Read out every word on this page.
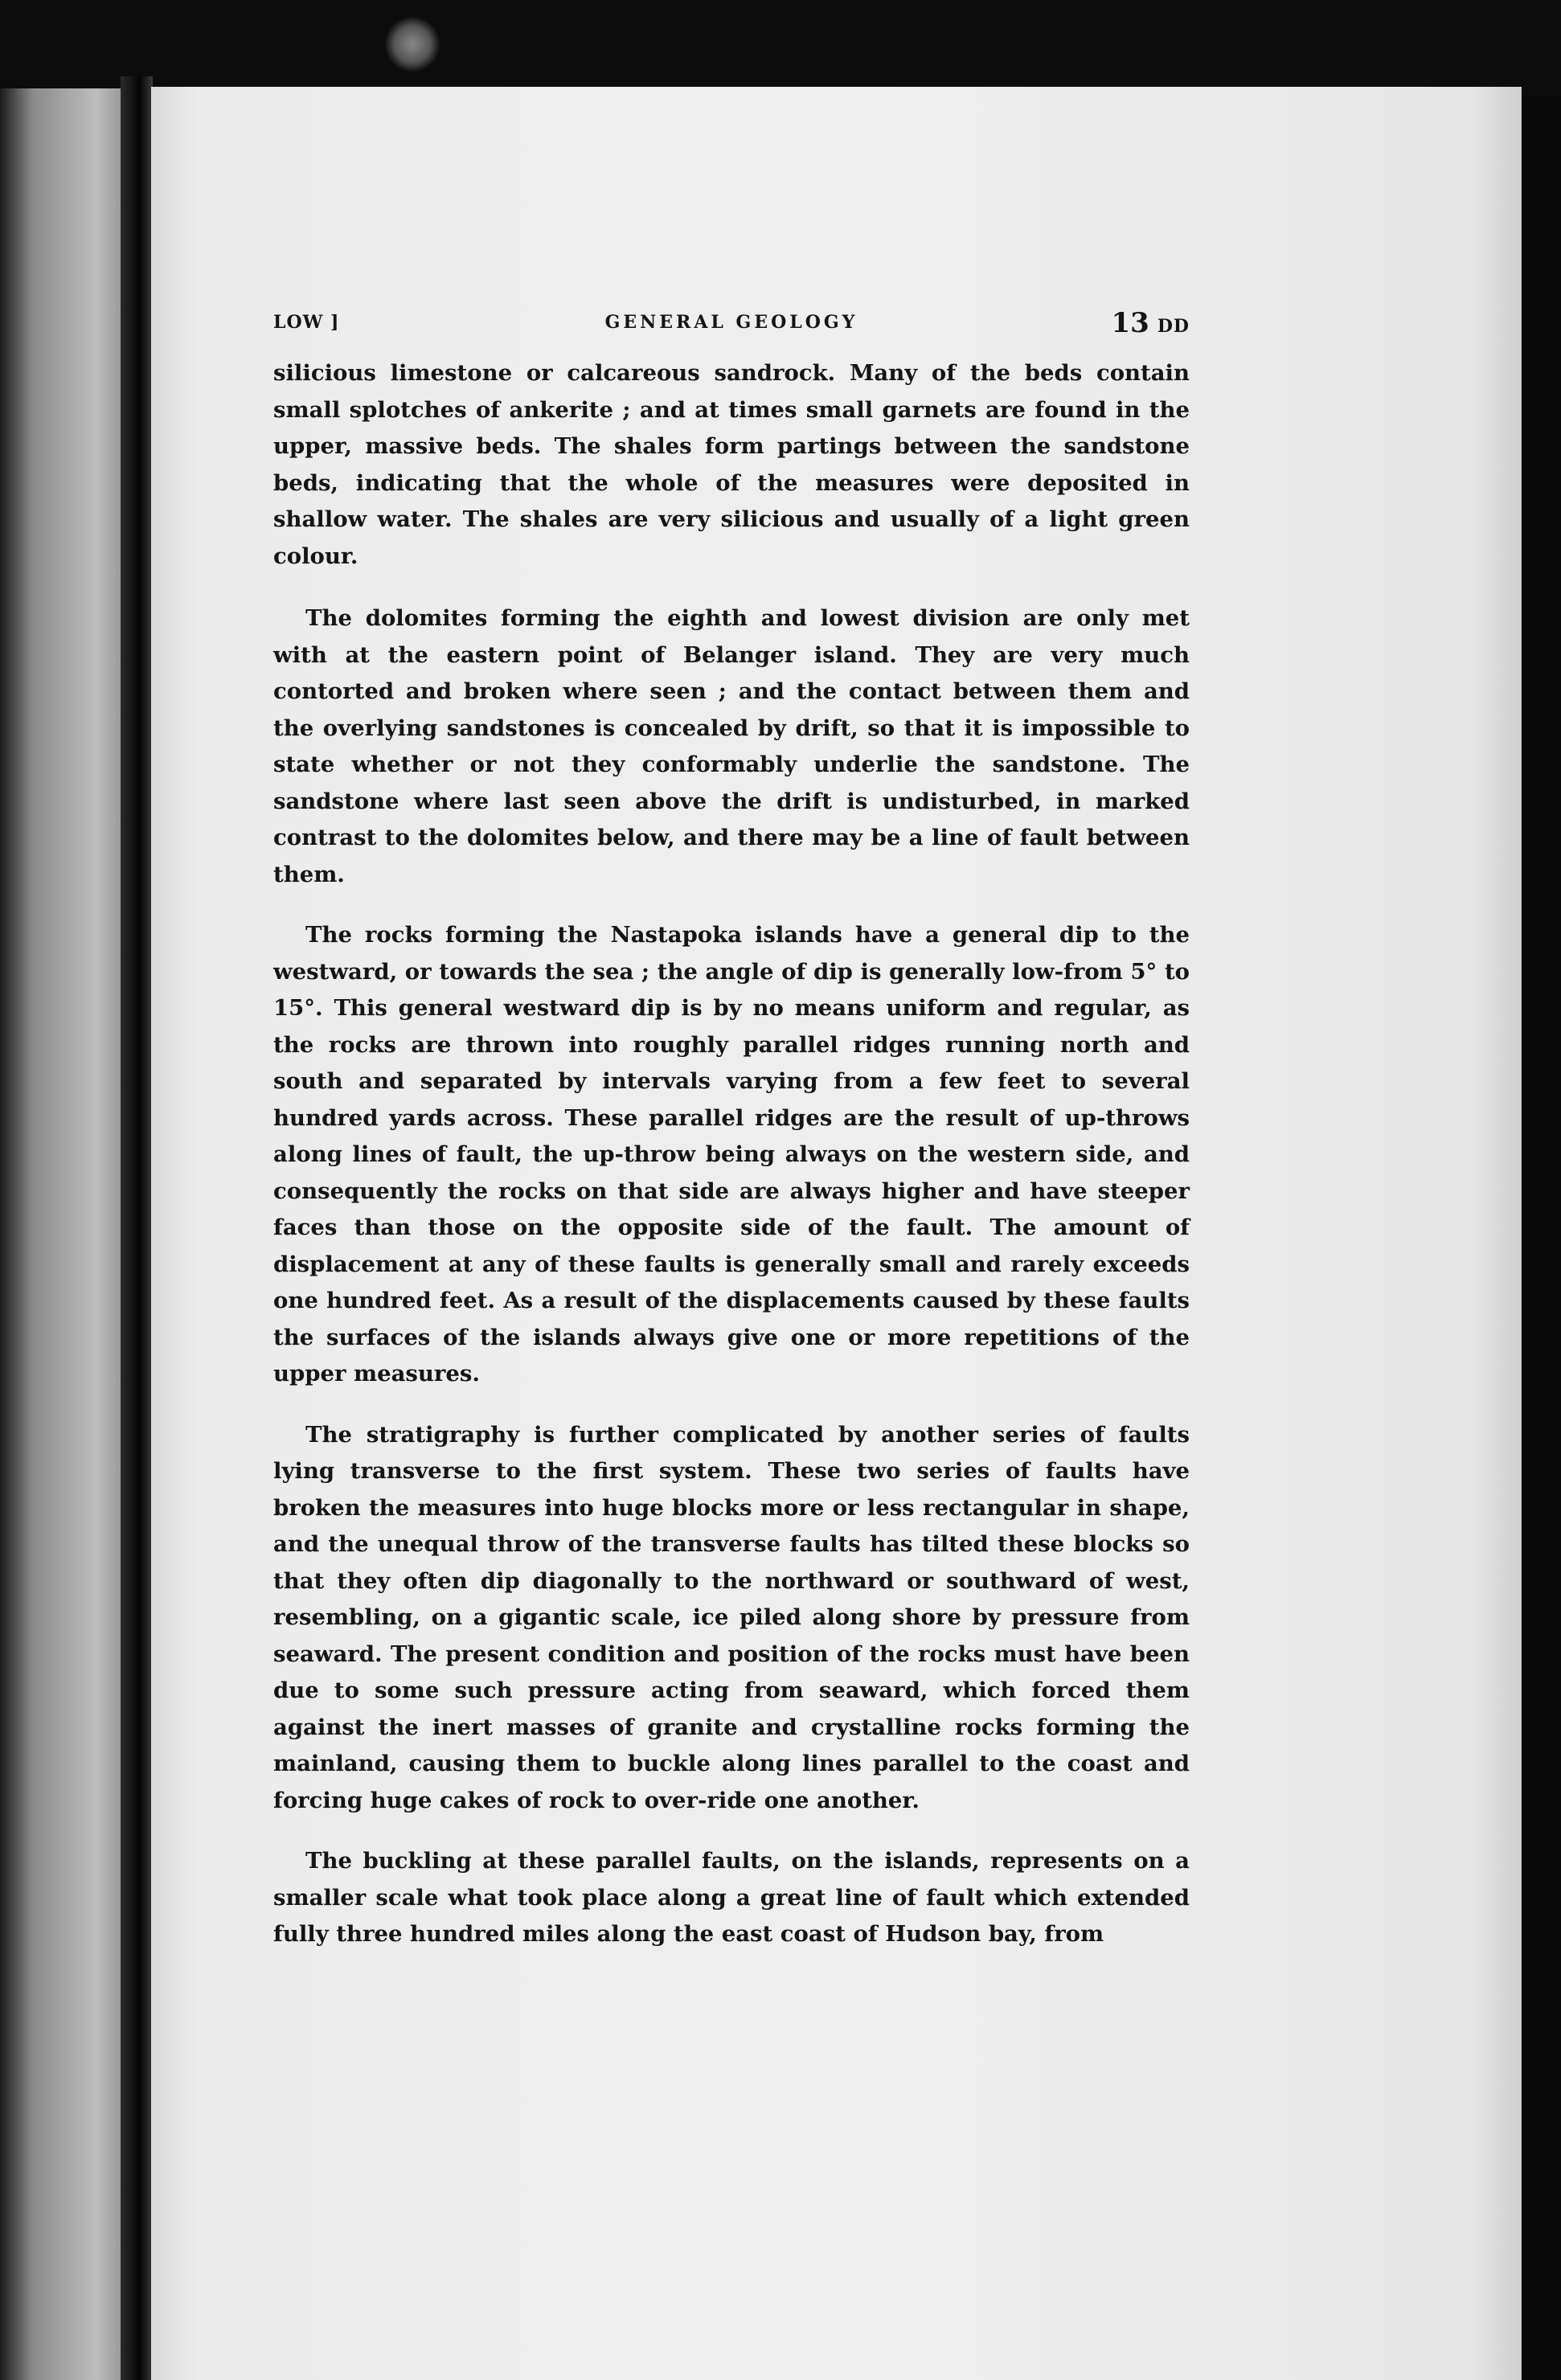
LOW ]	GENERAL GEOLOGY	13 DD

silicious limestone or calcareous sandrock. Many of the beds contain small splotches of ankerite ; and at times small garnets are found in the upper, massive beds. The shales form partings between the sandstone beds, indicating that the whole of the measures were deposited in shallow water. The shales are very silicious and usually of a light green colour.

The dolomites forming the eighth and lowest division are only met with at the eastern point of Belanger island. They are very much contorted and broken where seen ; and the contact between them and the overlying sandstones is concealed by drift, so that it is impossible to state whether or not they conformably underlie the sandstone. The sandstone where last seen above the drift is undisturbed, in marked contrast to the dolomites below, and there may be a line of fault between them.

The rocks forming the Nastapoka islands have a general dip to the westward, or towards the sea ; the angle of dip is generally low-from 5° to 15°. This general westward dip is by no means uniform and regular, as the rocks are thrown into roughly parallel ridges running north and south and separated by intervals varying from a few feet to several hundred yards across. These parallel ridges are the result of up-throws along lines of fault, the up-throw being always on the western side, and consequently the rocks on that side are always higher and have steeper faces than those on the opposite side of the fault. The amount of displacement at any of these faults is generally small and rarely exceeds one hundred feet. As a result of the displacements caused by these faults the surfaces of the islands always give one or more repetitions of the upper measures.

The stratigraphy is further complicated by another series of faults lying transverse to the first system. These two series of faults have broken the measures into huge blocks more or less rectangular in shape, and the unequal throw of the transverse faults has tilted these blocks so that they often dip diagonally to the northward or southward of west, resembling, on a gigantic scale, ice piled along shore by pressure from seaward. The present condition and position of the rocks must have been due to some such pressure acting from seaward, which forced them against the inert masses of granite and crystalline rocks forming the mainland, causing them to buckle along lines parallel to the coast and forcing huge cakes of rock to over-ride one another.

The buckling at these parallel faults, on the islands, represents on a smaller scale what took place along a great line of fault which extended fully three hundred miles along the east coast of Hudson bay, from
